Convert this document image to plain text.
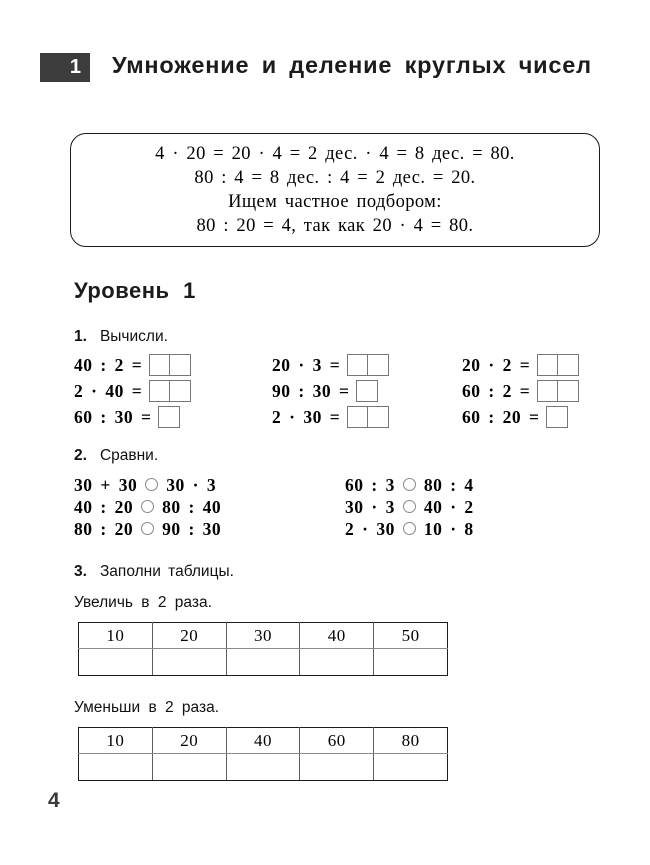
1	Умножение и деление круглых чисел
4 · 20 = 20 · 4 = 2 дес. · 4 = 8 дес. = 80.
80 : 4 = 8 дес. : 4 = 2 дес. = 20.
Ищем частное подбором:
80 : 20 = 4, так как 20 · 4 = 80.
Уровень 1
1. Вычисли.
40 : 2 =
2 · 40 =
60 : 30 =
20 · 3 =
90 : 30 =
2 · 30 =
20 · 2 =
60 : 2 =
60 : 20 =
2. Сравни.
30 + 30 30 · 3
40 : 20 80 : 40
80 : 20 90 : 30
60 : 3 80 : 4
30 · 3 40 · 2
2 · 30 10 · 8
3. Заполни таблицы.
Увеличь в 2 раза.
10	20	30	40	50

Уменьши в 2 раза.
10	20	40	60	80

4
